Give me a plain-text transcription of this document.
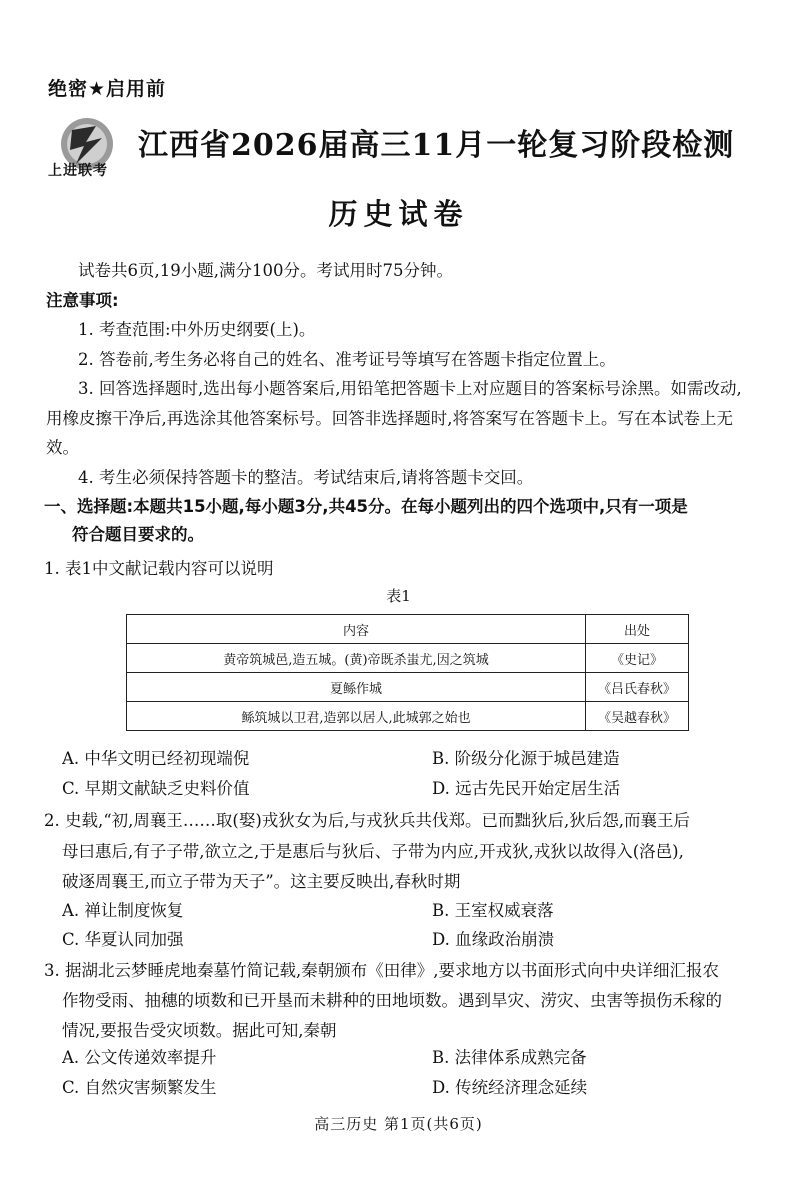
绝密★启用前
上进联考
江西省2026届高三11月一轮复习阶段检测
历史试卷

试卷共6页,19小题,满分100分。考试用时75分钟。

注意事项:

1. 考查范围:中外历史纲要(上)。

2. 答卷前,考生务必将自己的姓名、准考证号等填写在答题卡指定位置上。

3. 回答选择题时,选出每小题答案后,用铅笔把答题卡上对应题目的答案标号涂黑。如需改动,用橡皮擦干净后,再选涂其他答案标号。回答非选择题时,将答案写在答题卡上。写在本试卷上无效。

4. 考生必须保持答题卡的整洁。考试结束后,请将答题卡交回。

一、选择题:本题共15小题,每小题3分,共45分。在每小题列出的四个选项中,只有一项是
符合题目要求的。
1. 表1中文献记载内容可以说明
表1
内容	出处
黄帝筑城邑,造五城。(黄)帝既杀蚩尤,因之筑城	《史记》
夏鲧作城	《吕氏春秋》
鲧筑城以卫君,造郭以居人,此城郭之始也	《吴越春秋》
A. 中华文明已经初现端倪	B. 阶级分化源于城邑建造
C. 早期文献缺乏史料价值	D. 远古先民开始定居生活
2. 史载,“初,周襄王……取(娶)戎狄女为后,与戎狄兵共伐郑。已而黜狄后,狄后怨,而襄王后
母曰惠后,有子子带,欲立之,于是惠后与狄后、子带为内应,开戎狄,戎狄以故得入(洛邑),
破逐周襄王,而立子带为天子”。这主要反映出,春秋时期
A. 禅让制度恢复	B. 王室权威衰落
C. 华夏认同加强	D. 血缘政治崩溃
3. 据湖北云梦睡虎地秦墓竹简记载,秦朝颁布《田律》,要求地方以书面形式向中央详细汇报农
作物受雨、抽穗的顷数和已开垦而未耕种的田地顷数。遇到旱灾、涝灾、虫害等损伤禾稼的
情况,要报告受灾顷数。据此可知,秦朝
A. 公文传递效率提升	B. 法律体系成熟完备
C. 自然灾害频繁发生	D. 传统经济理念延续
高三历史 第1页(共6页)
